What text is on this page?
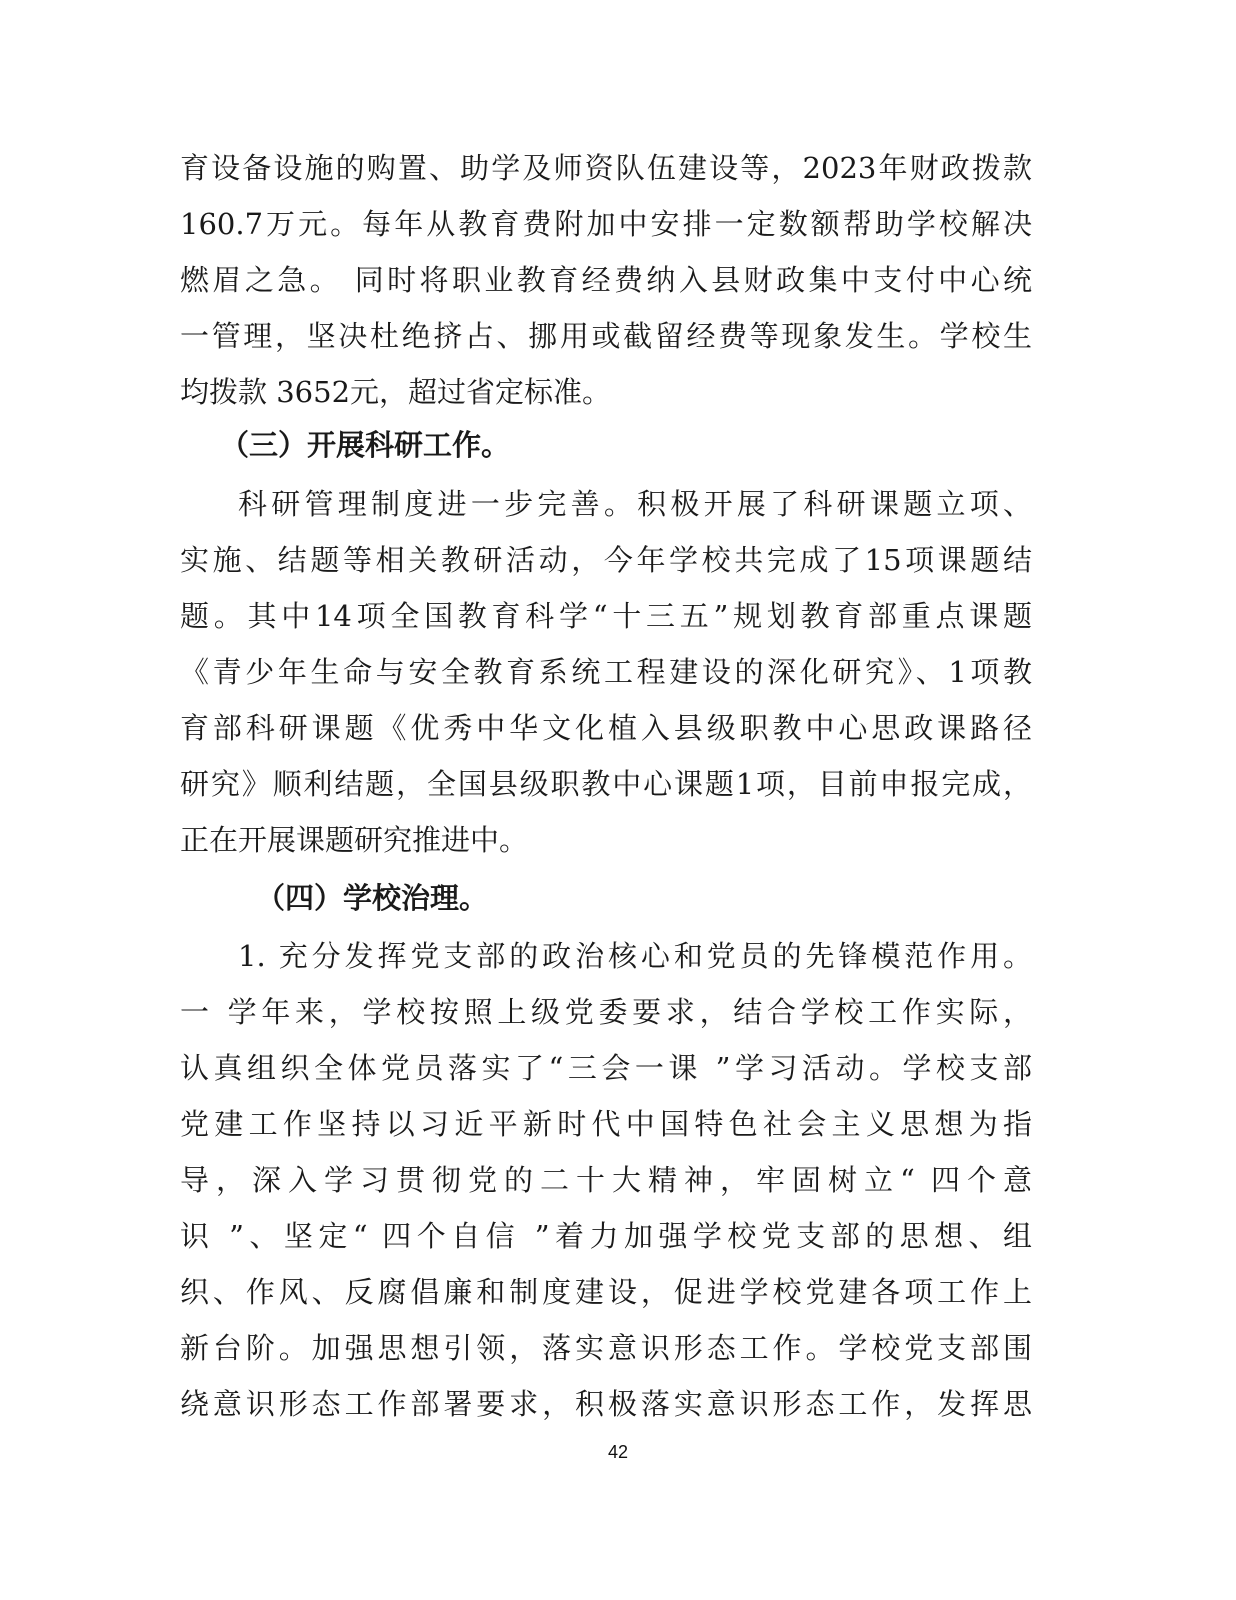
育设备设施的购置、助学及师资队伍建设等，2023年财政拨款
160.7万元。每年从教育费附加中安排一定数额帮助学校解决
燃眉之急。 同时将职业教育经费纳入县财政集中支付中心统
一管理，坚决杜绝挤占、挪用或截留经费等现象发生。学校生
均拨款 3652元，超过省定标准。
（三）开展科研工作。
科研管理制度进一步完善。积极开展了科研课题立项、
实施、结题等相关教研活动，今年学校共完成了15项课题结
题。其中14项全国教育科学“十三五”规划教育部重点课题
《青少年生命与安全教育系统工程建设的深化研究》、1项教
育部科研课题《优秀中华文化植入县级职教中心思政课路径
研究》顺利结题，全国县级职教中心课题1项，目前申报完成，
正在开展课题研究推进中。
（四）学校治理。
1. 充分发挥党支部的政治核心和党员的先锋模范作用。
一 学年来，学校按照上级党委要求，结合学校工作实际，
认真组织全体党员落实了“三会一课 ”学习活动。学校支部
党建工作坚持以习近平新时代中国特色社会主义思想为指
导，深入学习贯彻党的二十大精神，牢固树立“ 四个意
识 ”、坚定“ 四个自信 ”着力加强学校党支部的思想、组
织、作风、反腐倡廉和制度建设，促进学校党建各项工作上
新台阶。加强思想引领，落实意识形态工作。学校党支部围
绕意识形态工作部署要求，积极落实意识形态工作，发挥思
42
